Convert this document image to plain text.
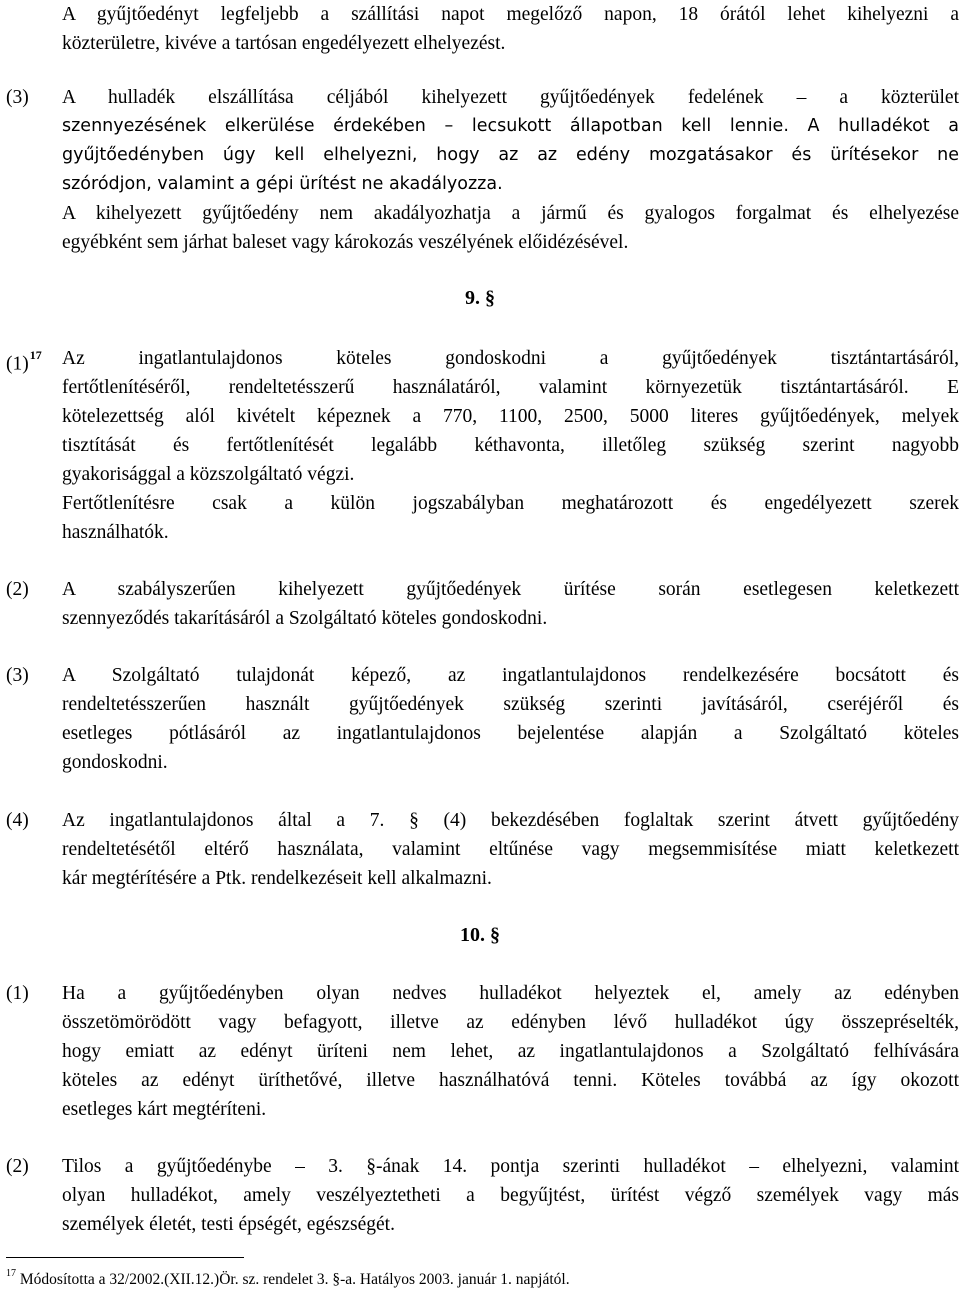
A gyűjtőedényt legfeljebb a szállítási napot megelőző napon, 18 órától lehet kihelyezni a
közterületre, kivéve a tartósan engedélyezett elhelyezést.
(3) A hulladék elszállítása céljából kihelyezett gyűjtőedények fedelének – a közterület
szennyezésének elkerülése érdekében – lecsukott állapotban kell lennie. A hulladékot a
gyűjtőedényben úgy kell elhelyezni, hogy az az edény mozgatásakor és ürítésekor ne
szóródjon, valamint a gépi ürítést ne akadályozza.
A kihelyezett gyűjtőedény nem akadályozhatja a jármű és gyalogos forgalmat és elhelyezése
egyébként sem járhat baleset vagy károkozás veszélyének előidézésével.
9. §
$(1)^{17}$ Az ingatlantulajdonos köteles gondoskodni a gyűjtőedények tisztántartásáról,
fertőtlenítéséről, rendeltetésszerű használatáról, valamint környezetük tisztántartásáról. E
kötelezettség alól kivételt képeznek a 770, 1100, 2500, 5000 literes gyűjtőedények, melyek
tisztítását és fertőtlenítését legalább kéthavonta, illetőleg szükség szerint nagyobb
gyakorisággal a közszolgáltató végzi.
Fertőtlenítésre csak a külön jogszabályban meghatározott és engedélyezett szerek
használhatók.
(2) A szabályszerűen kihelyezett gyűjtőedények ürítése során esetlegesen keletkezett
szennyeződés takarításáról a Szolgáltató köteles gondoskodni.
(3) A Szolgáltató tulajdonát képező, az ingatlantulajdonos rendelkezésére bocsátott és
rendeltetésszerűen használt gyűjtőedények szükség szerinti javításáról, cseréjéről és
esetleges pótlásáról az ingatlantulajdonos bejelentése alapján a Szolgáltató köteles
gondoskodni.
(4) Az ingatlantulajdonos által a 7. § (4) bekezdésében foglaltak szerint átvett gyűjtőedény
rendeltetésétől eltérő használata, valamint eltűnése vagy megsemmisítése miatt keletkezett
kár megtérítésére a Ptk. rendelkezéseit kell alkalmazni.
10. §
(1) Ha a gyűjtőedényben olyan nedves hulladékot helyeztek el, amely az edényben
összetömörödött vagy befagyott, illetve az edényben lévő hulladékot úgy összepréselték,
hogy emiatt az edényt üríteni nem lehet, az ingatlantulajdonos a Szolgáltató felhívására
köteles az edényt üríthetővé, illetve használhatóvá tenni. Köteles továbbá az így okozott
esetleges kárt megtéríteni.
(2) Tilos a gyűjtőedénybe – 3. §-ának 14. pontja szerinti hulladékot – elhelyezni, valamint
olyan hulladékot, amely veszélyeztetheti a begyűjtést, ürítést végző személyek vagy más
személyek életét, testi épségét, egészségét.
$^{17}$ Módosította a 32/2002.(XII.12.)Ör. sz. rendelet 3. §-a. Hatályos 2003. január 1. napjától.
